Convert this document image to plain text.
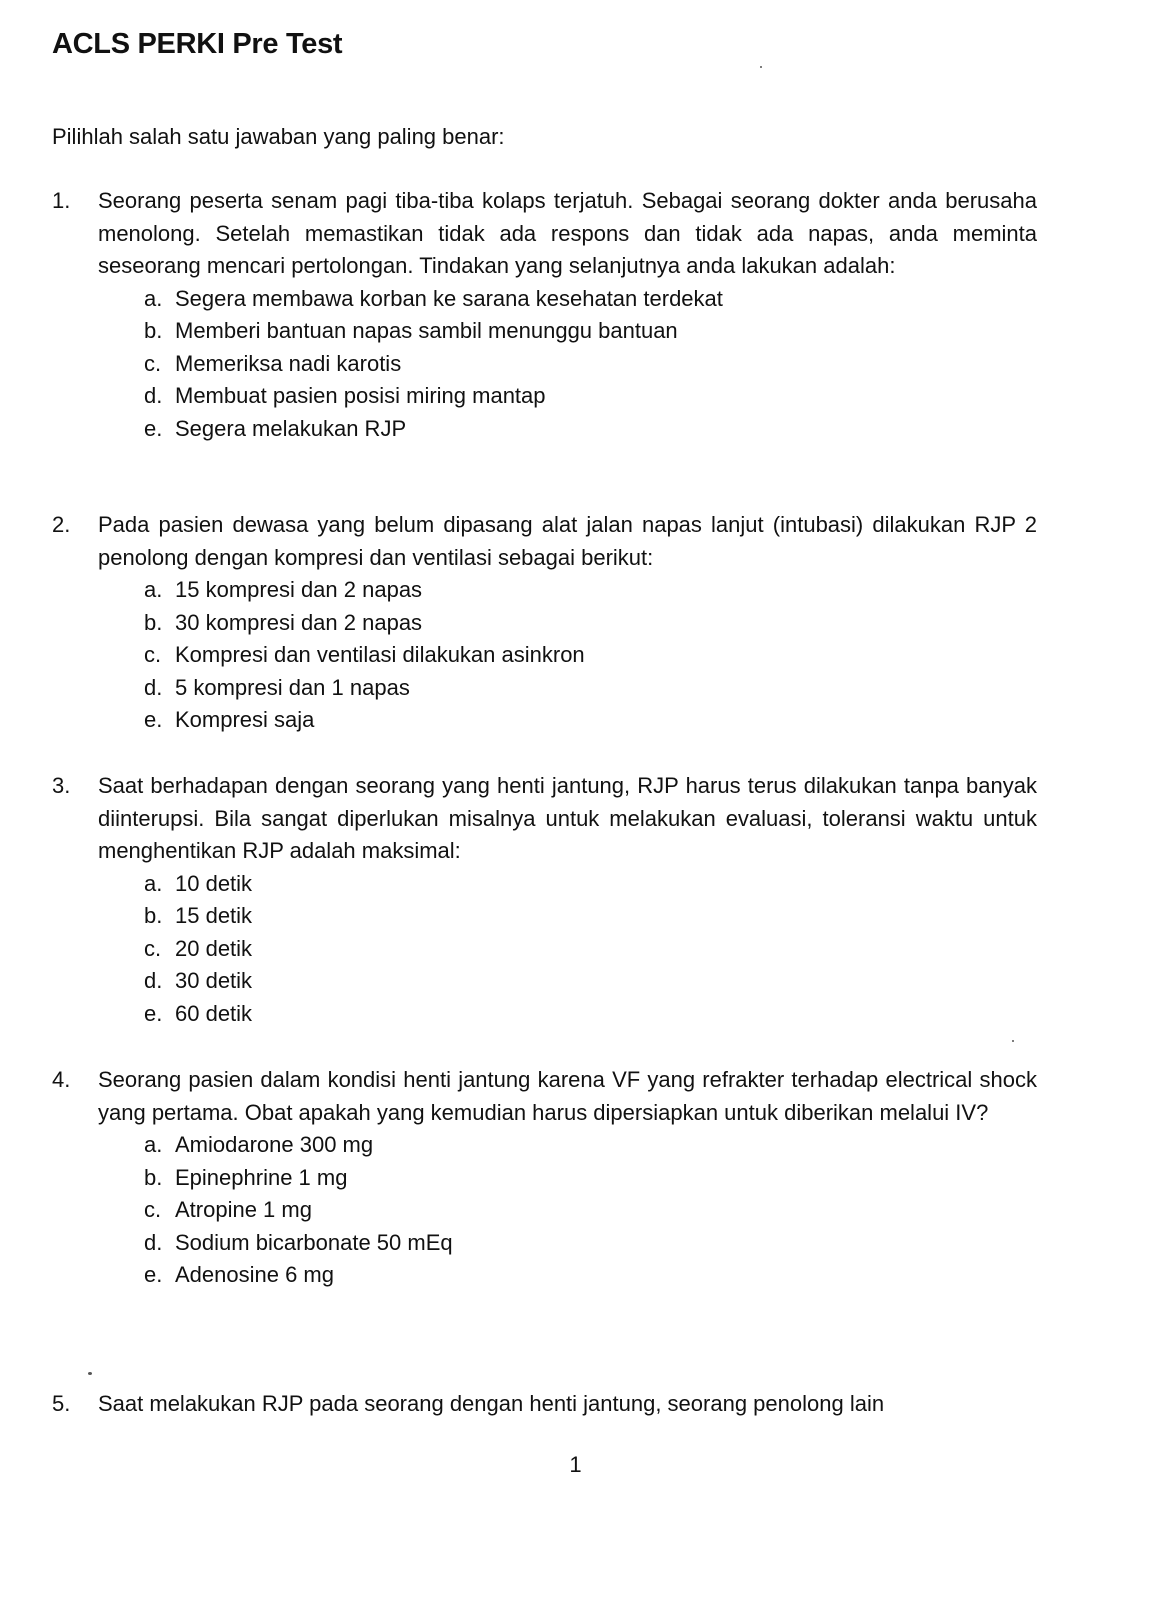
ACLS PERKI Pre Test
Pilihlah salah satu jawaban yang paling benar:
1. Seorang peserta senam pagi tiba-tiba kolaps terjatuh. Sebagai seorang dokter anda berusaha menolong. Setelah memastikan tidak ada respons dan tidak ada napas, anda meminta seseorang mencari pertolongan. Tindakan yang selanjutnya anda lakukan adalah:
a. Segera membawa korban ke sarana kesehatan terdekat
b. Memberi bantuan napas sambil menunggu bantuan
c. Memeriksa nadi karotis
d. Membuat pasien posisi miring mantap
e. Segera melakukan RJP
2. Pada pasien dewasa yang belum dipasang alat jalan napas lanjut (intubasi) dilakukan RJP 2 penolong dengan kompresi dan ventilasi sebagai berikut:
a. 15 kompresi dan 2 napas
b. 30 kompresi dan 2 napas
c. Kompresi dan ventilasi dilakukan asinkron
d. 5 kompresi dan 1 napas
e. Kompresi saja
3. Saat berhadapan dengan seorang yang henti jantung, RJP harus terus dilakukan tanpa banyak diinterupsi. Bila sangat diperlukan misalnya untuk melakukan evaluasi, toleransi waktu untuk menghentikan RJP adalah maksimal:
a. 10 detik
b. 15 detik
c. 20 detik
d. 30 detik
e. 60 detik
4. Seorang pasien dalam kondisi henti jantung karena VF yang refrakter terhadap electrical shock yang pertama. Obat apakah yang kemudian harus dipersiapkan untuk diberikan melalui IV?
a. Amiodarone 300 mg
b. Epinephrine 1 mg
c. Atropine 1 mg
d. Sodium bicarbonate 50 mEq
e. Adenosine 6 mg
5. Saat melakukan RJP pada seorang dengan henti jantung, seorang penolong lain
1
